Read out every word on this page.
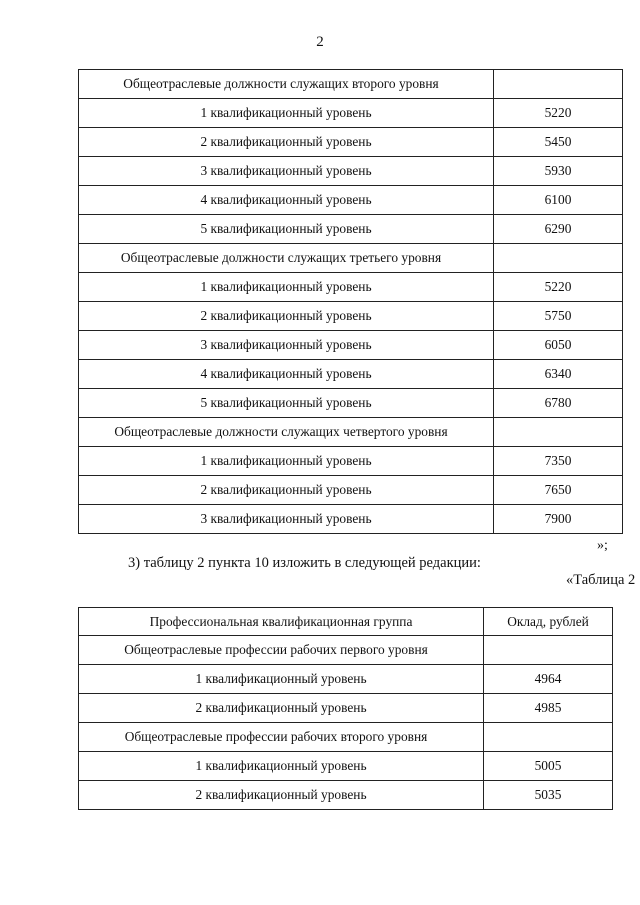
2
Общеотраслевые должности служащих второго уровня	
1 квалификационный уровень	5220
2 квалификационный уровень	5450
3 квалификационный уровень	5930
4 квалификационный уровень	6100
5 квалификационный уровень	6290
Общеотраслевые должности служащих третьего уровня	
1 квалификационный уровень	5220
2 квалификационный уровень	5750
3 квалификационный уровень	6050
4 квалификационный уровень	6340
5 квалификационный уровень	6780
Общеотраслевые должности служащих четвертого уровня	
1 квалификационный уровень	7350
2 квалификационный уровень	7650
3 квалификационный уровень	7900
»;
3) таблицу 2 пункта 10 изложить в следующей редакции:
«Таблица 2
Профессиональная квалификационная группа	Оклад, рублей
Общеотраслевые профессии рабочих первого уровня	
1 квалификационный уровень	4964
2 квалификационный уровень	4985
Общеотраслевые профессии рабочих второго уровня	
1 квалификационный уровень	5005
2 квалификационный уровень	5035
